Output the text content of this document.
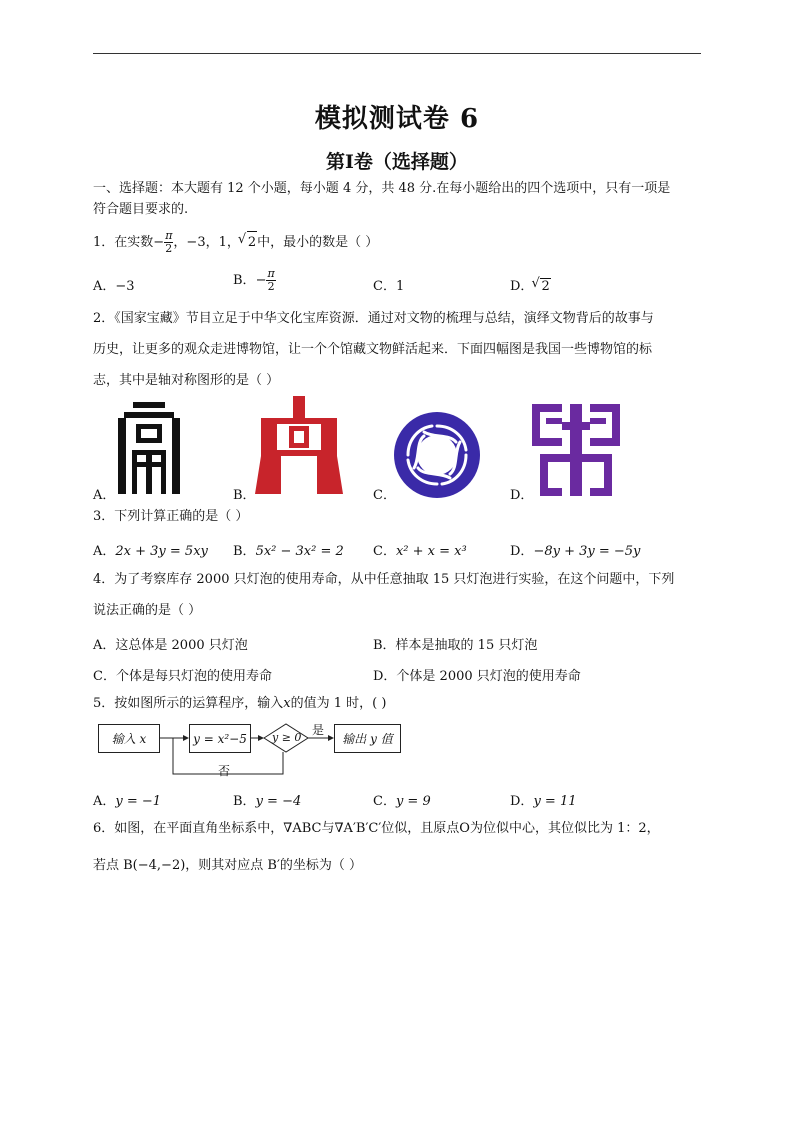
模拟测试卷 6
第Ⅰ卷（选择题）
一、选择题：本大题有 12 个小题，每小题 4 分，共 48 分.在每小题给出的四个选项中，只有一项是
符合题目要求的.
1．在实数− $\frac{\pi}{2}$ ，−3，1， √ 2中，最小的数是（ ）
A．−3	B．− $\frac{\pi}{2}$	C．1	D． √ 2
2．《国家宝藏》节目立足于中华文化宝库资源．通过对文物的梳理与总结，演绎文物背后的故事与
历史，让更多的观众走进博物馆，让一个个馆藏文物鲜活起来．下面四幅图是我国一些博物馆的标
志，其中是轴对称图形的是（ ）
A．	B．	C．	D．
3．下列计算正确的是（ ）
A．2x + 3y = 5xy B．5x² − 3x² = 2 C．x² + x = x³	D．−8y + 3y = −5y
4．为了考察库存 2000 只灯泡的使用寿命，从中任意抽取 15 只灯泡进行实验，在这个问题中，下列
说法正确的是（ ）
A．这总体是 2000 只灯泡	B．样本是抽取的 15 只灯泡
C．个体是每只灯泡的使用寿命	D．个体是 2000 只灯泡的使用寿命
5．按如图所示的运算程序，输入x的值为 1 时，( )
输入 x	y = x²−5 y ≥ 0
是
否
输出 y 值
A．y = −1	B．y = −4	C．y = 9	D．y = 11
6．如图，在平面直角坐标系中，∇ABC与∇A′B′C′位似，且原点O为位似中心，其位似比为 1：2，
若点 B(−4,−2)，则其对应点 B′的坐标为（ ）
